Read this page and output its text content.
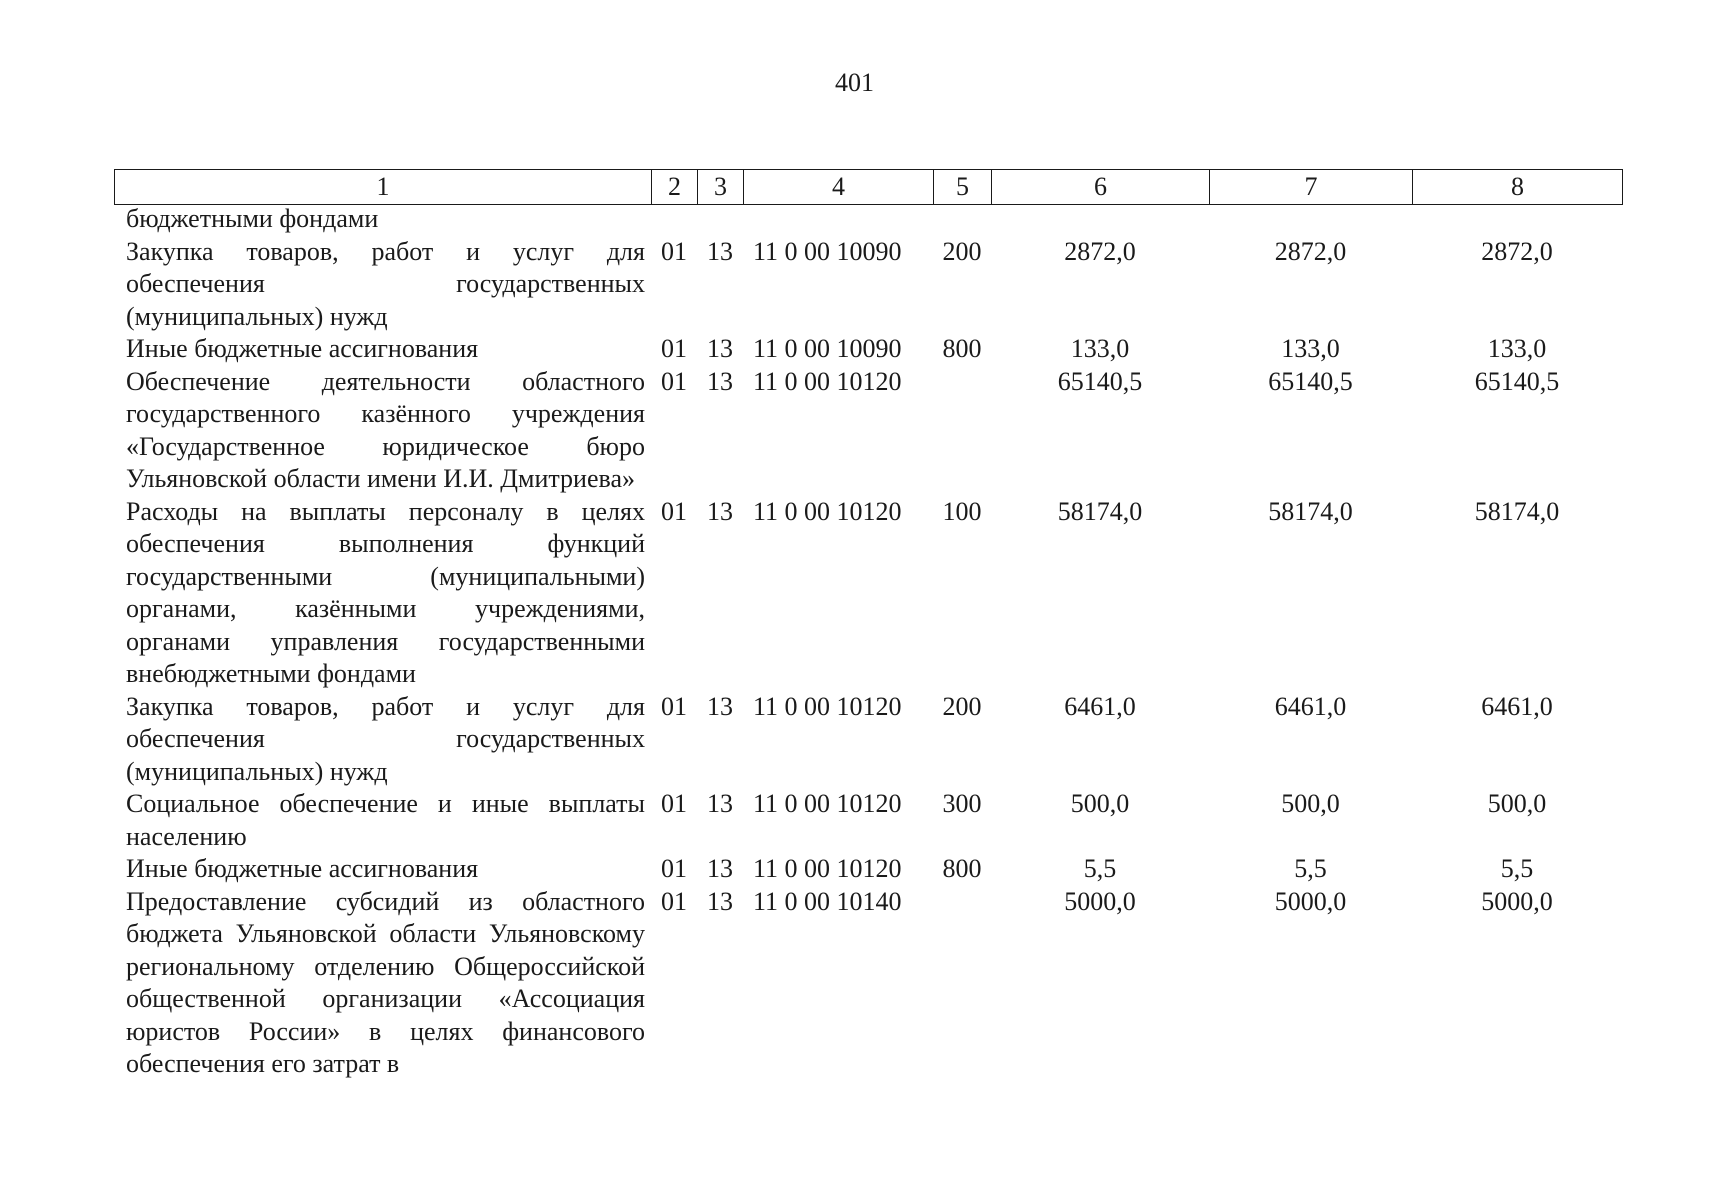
401
1	2	3	4	5	6	7	8
бюджетными фондами							
Закупка товаров, работ и услуг для обеспечения государственных (муниципальных) нужд	01	13	11 0 00 10090	200	2872,0	2872,0	2872,0
Иные бюджетные ассигнования	01	13	11 0 00 10090	800	133,0	133,0	133,0
Обеспечение деятельности областного государственного казённого учреждения «Государственное юридическое бюро Ульяновской области имени И.И. Дмитриева»	01	13	11 0 00 10120		65140,5	65140,5	65140,5
Расходы на выплаты персоналу в целях обеспечения выполнения функций государственными (муниципальными) органами, казёнными учреждениями, органами управления государственными внебюджетными фондами	01	13	11 0 00 10120	100	58174,0	58174,0	58174,0
Закупка товаров, работ и услуг для обеспечения государственных (муниципальных) нужд	01	13	11 0 00 10120	200	6461,0	6461,0	6461,0
Социальное обеспечение и иные выплаты населению	01	13	11 0 00 10120	300	500,0	500,0	500,0
Иные бюджетные ассигнования	01	13	11 0 00 10120	800	5,5	5,5	5,5
Предоставление субсидий из областного бюджета Ульяновской области Ульяновскому региональному отделению Общероссийской общественной организации «Ассоциация юристов России» в целях финансового обеспечения его затрат в	01	13	11 0 00 10140		5000,0	5000,0	5000,0
